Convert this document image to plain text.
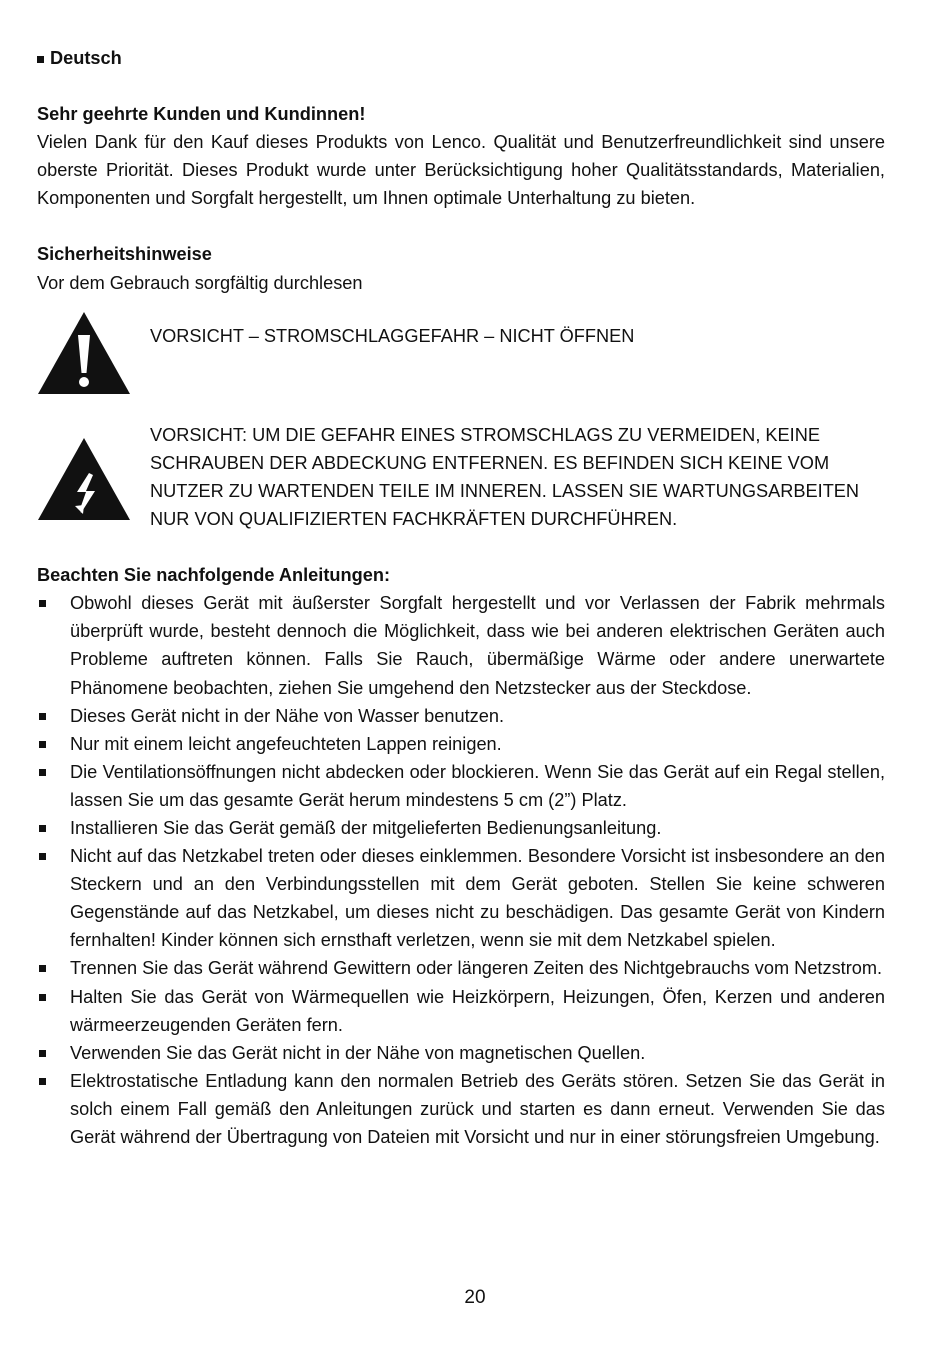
Deutsch
Sehr geehrte Kunden und Kundinnen!
Vielen Dank für den Kauf dieses Produkts von Lenco. Qualität und Benutzerfreundlichkeit sind unsere oberste Priorität. Dieses Produkt wurde unter Berücksichtigung hoher Qualitätsstandards, Materialien, Komponenten und Sorgfalt hergestellt, um Ihnen optimale Unterhaltung zu bieten.
Sicherheitshinweise
Vor dem Gebrauch sorgfältig durchlesen
VORSICHT – STROMSCHLAGGEFAHR – NICHT ÖFFNEN
VORSICHT: UM DIE GEFAHR EINES STROMSCHLAGS ZU VERMEIDEN, KEINE SCHRAUBEN DER ABDECKUNG ENTFERNEN. ES BEFINDEN SICH KEINE VOM NUTZER ZU WARTENDEN TEILE IM INNEREN. LASSEN SIE WARTUNGSARBEITEN NUR VON QUALIFIZIERTEN FACHKRÄFTEN DURCHFÜHREN.
Beachten Sie nachfolgende Anleitungen:
Obwohl dieses Gerät mit äußerster Sorgfalt hergestellt und vor Verlassen der Fabrik mehrmals überprüft wurde, besteht dennoch die Möglichkeit, dass wie bei anderen elektrischen Geräten auch Probleme auftreten können. Falls Sie Rauch, übermäßige Wärme oder andere unerwartete Phänomene beobachten, ziehen Sie umgehend den Netzstecker aus der Steckdose.
Dieses Gerät nicht in der Nähe von Wasser benutzen.
Nur mit einem leicht angefeuchteten Lappen reinigen.
Die Ventilationsöffnungen nicht abdecken oder blockieren. Wenn Sie das Gerät auf ein Regal stellen, lassen Sie um das gesamte Gerät herum mindestens 5 cm (2”) Platz.
Installieren Sie das Gerät gemäß der mitgelieferten Bedienungsanleitung.
Nicht auf das Netzkabel treten oder dieses einklemmen. Besondere Vorsicht ist insbesondere an den Steckern und an den Verbindungsstellen mit dem Gerät geboten. Stellen Sie keine schweren Gegenstände auf das Netzkabel, um dieses nicht zu beschädigen. Das gesamte Gerät von Kindern fernhalten! Kinder können sich ernsthaft verletzen, wenn sie mit dem Netzkabel spielen.
Trennen Sie das Gerät während Gewittern oder längeren Zeiten des Nichtgebrauchs vom Netzstrom.
Halten Sie das Gerät von Wärmequellen wie Heizkörpern, Heizungen, Öfen, Kerzen und anderen wärmeerzeugenden Geräten fern.
Verwenden Sie das Gerät nicht in der Nähe von magnetischen Quellen.
Elektrostatische Entladung kann den normalen Betrieb des Geräts stören. Setzen Sie das Gerät in solch einem Fall gemäß den Anleitungen zurück und starten es dann erneut. Verwenden Sie das Gerät während der Übertragung von Dateien mit Vorsicht und nur in einer störungsfreien Umgebung.
20
